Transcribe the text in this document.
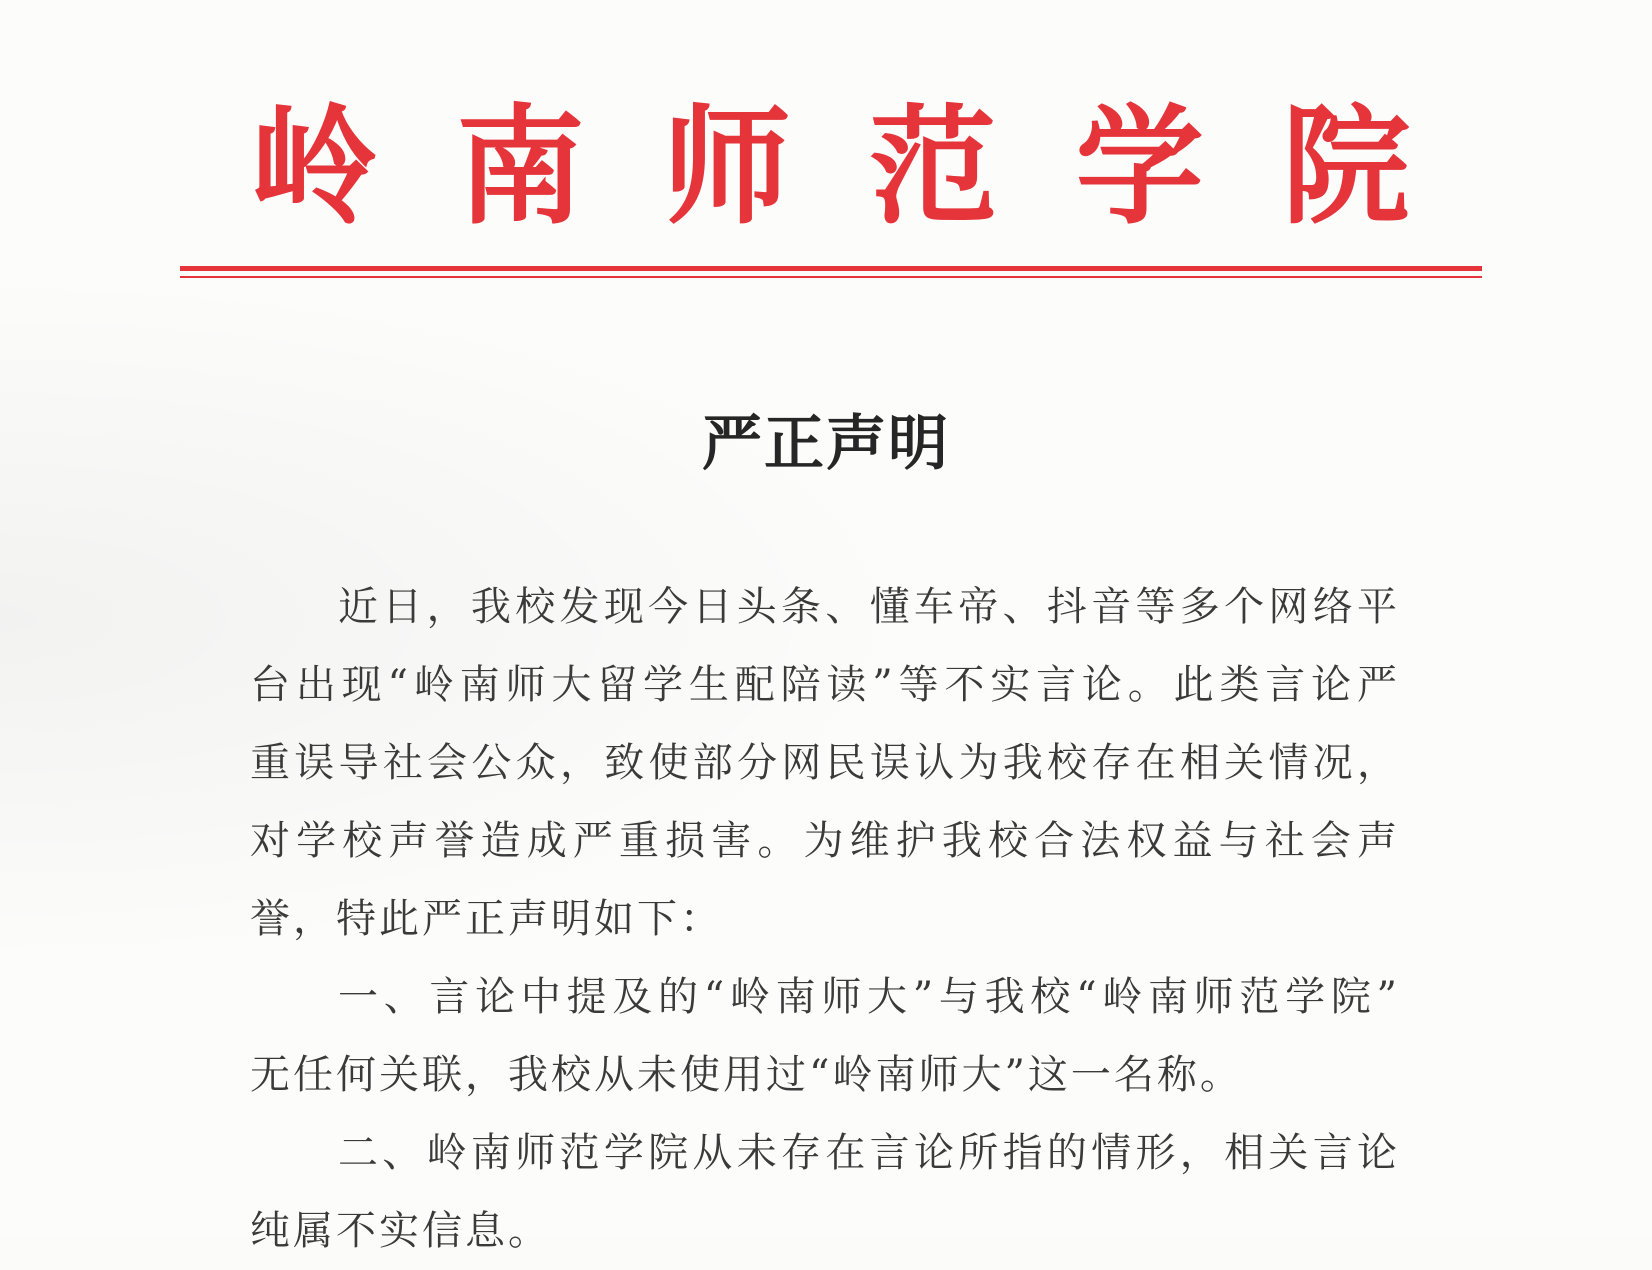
岭 南 师 范 学 院
严正声明
近日，我校发现今日头条、懂车帝、抖音等多个网络平
台出现“岭南师大留学生配陪读”等不实言论。此类言论严
重误导社会公众，致使部分网民误认为我校存在相关情况，
对学校声誉造成严重损害。为维护我校合法权益与社会声
誉，特此严正声明如下：
一、言论中提及的“岭南师大”与我校“岭南师范学院”
无任何关联，我校从未使用过“岭南师大”这一名称。
二、岭南师范学院从未存在言论所指的情形，相关言论
纯属不实信息。
